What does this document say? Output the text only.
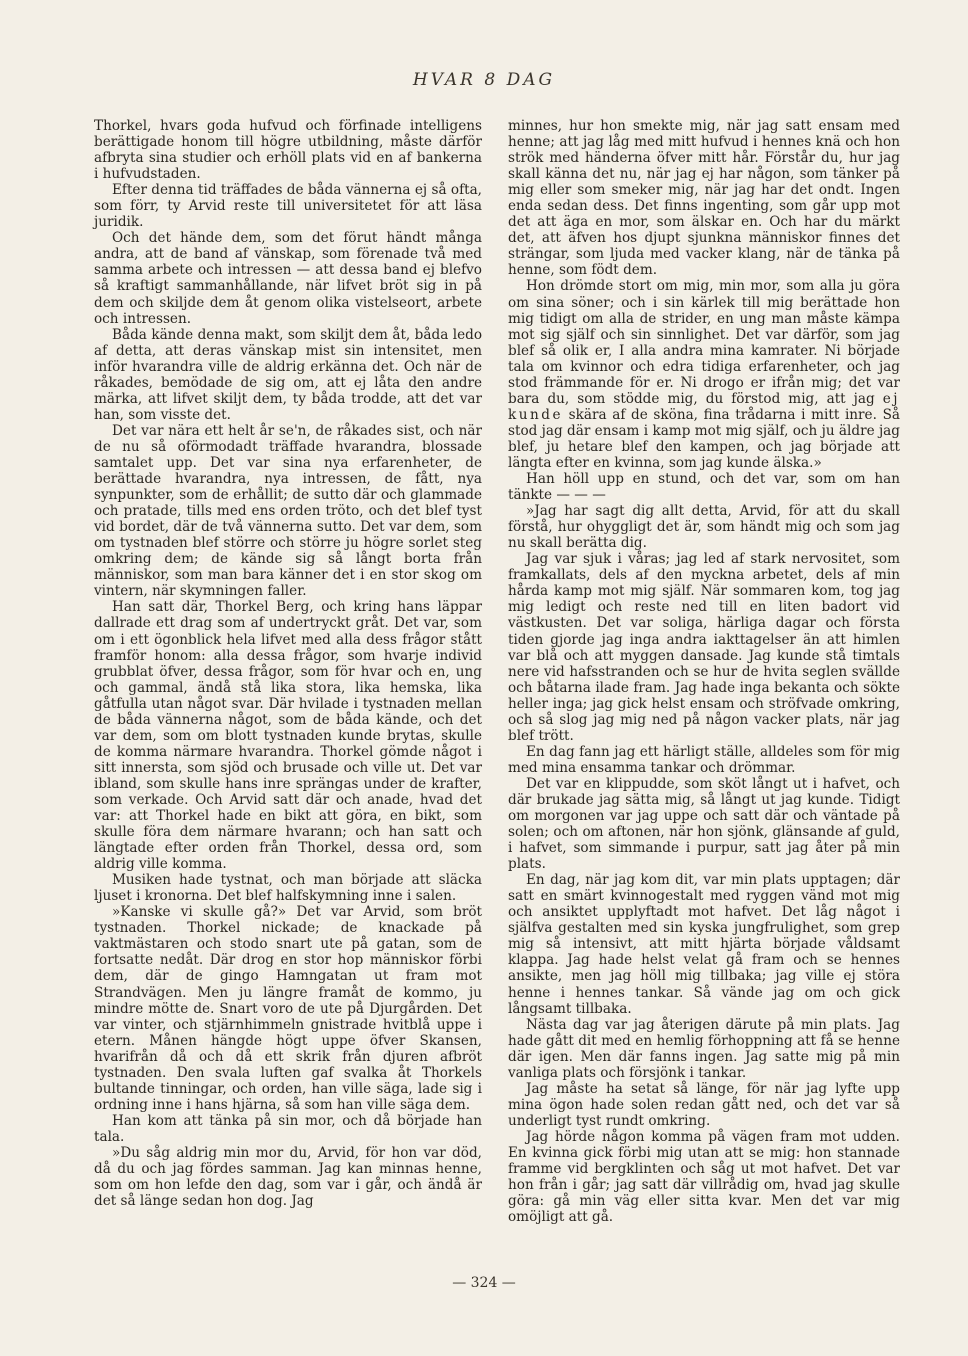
HVAR 8 DAG

Thorkel, hvars goda hufvud och förfinade intelligens berättigade honom till högre utbildning, måste därför afbryta sina studier och erhöll plats vid en af bankerna i hufvudstaden.

Efter denna tid träffades de båda vännerna ej så ofta, som förr, ty Arvid reste till universitetet för att läsa juridik.

Och det hände dem, som det förut händt många andra, att de band af vänskap, som förenade två med samma arbete och intressen — att dessa band ej blefvo så kraftigt sammanhållande, när lifvet bröt sig in på dem och skiljde dem åt genom olika vistelseort, arbete och intressen.

Båda kände denna makt, som skiljt dem åt, båda ledo af detta, att deras vänskap mist sin intensitet, men inför hvarandra ville de aldrig erkänna det. Och när de råkades, bemödade de sig om, att ej låta den andre märka, att lifvet skiljt dem, ty båda trodde, att det var han, som visste det.

Det var nära ett helt år se'n, de råkades sist, och när de nu så oförmodadt träffade hvarandra, blossade samtalet upp. Det var sina nya erfarenheter, de berättade hvarandra, nya intressen, de fått, nya synpunkter, som de erhållit; de sutto där och glammade och pratade, tills med ens orden tröto, och det blef tyst vid bordet, där de två vännerna sutto. Det var dem, som om tystnaden blef större och större ju högre sorlet steg omkring dem; de kände sig så långt borta från människor, som man bara känner det i en stor skog om vintern, när skymningen faller.

Han satt där, Thorkel Berg, och kring hans läppar dallrade ett drag som af undertryckt gråt. Det var, som om i ett ögonblick hela lifvet med alla dess frågor stått framför honom: alla dessa frågor, som hvarje individ grubblat öfver, dessa frågor, som för hvar och en, ung och gammal, ändå stå lika stora, lika hemska, lika gåtfulla utan något svar. Där hvilade i tystnaden mellan de båda vännerna något, som de båda kände, och det var dem, som om blott tystnaden kunde brytas, skulle de komma närmare hvarandra. Thorkel gömde något i sitt innersta, som sjöd och brusade och ville ut. Det var ibland, som skulle hans inre sprängas under de krafter, som verkade. Och Arvid satt där och anade, hvad det var: att Thorkel hade en bikt att göra, en bikt, som skulle föra dem närmare hvarann; och han satt och längtade efter orden från Thorkel, dessa ord, som aldrig ville komma.

Musiken hade tystnat, och man började att släcka ljuset i kronorna. Det blef halfskymning inne i salen.

»Kanske vi skulle gå?» Det var Arvid, som bröt tystnaden. Thorkel nickade; de knackade på vaktmästaren och stodo snart ute på gatan, som de fortsatte nedåt. Där drog en stor hop människor förbi dem, där de gingo Hamngatan ut fram mot Strandvägen. Men ju längre framåt de kommo, ju mindre mötte de. Snart voro de ute på Djurgården. Det var vinter, och stjärnhimmeln gnistrade hvitblå uppe i etern. Månen hängde högt uppe öfver Skansen, hvarifrån då och då ett skrik från djuren afbröt tystnaden. Den svala luften gaf svalka åt Thorkels bultande tinningar, och orden, han ville säga, lade sig i ordning inne i hans hjärna, så som han ville säga dem.

Han kom att tänka på sin mor, och då började han tala.

»Du såg aldrig min mor du, Arvid, för hon var död, då du och jag fördes samman. Jag kan minnas henne, som om hon lefde den dag, som var i går, och ändå är det så länge sedan hon dog. Jag

minnes, hur hon smekte mig, när jag satt ensam med henne; att jag låg med mitt hufvud i hennes knä och hon strök med händerna öfver mitt hår. Förstår du, hur jag skall känna det nu, när jag ej har någon, som tänker på mig eller som smeker mig, när jag har det ondt. Ingen enda sedan dess. Det finns ingenting, som går upp mot det att äga en mor, som älskar en. Och har du märkt det, att äfven hos djupt sjunkna människor finnes det strängar, som ljuda med vacker klang, när de tänka på henne, som födt dem.

Hon drömde stort om mig, min mor, som alla ju göra om sina söner; och i sin kärlek till mig berättade hon mig tidigt om alla de strider, en ung man måste kämpa mot sig själf och sin sinnlighet. Det var därför, som jag blef så olik er, I alla andra mina kamrater. Ni började tala om kvinnor och edra tidiga erfarenheter, och jag stod främmande för er. Ni drogo er ifrån mig; det var bara du, som stödde mig, du förstod mig, att jag ej kunde skära af de sköna, fina trådarna i mitt inre. Så stod jag där ensam i kamp mot mig själf, och ju äldre jag blef, ju hetare blef den kampen, och jag började att längta efter en kvinna, som jag kunde älska.»

Han höll upp en stund, och det var, som om han tänkte — — —

»Jag har sagt dig allt detta, Arvid, för att du skall förstå, hur ohyggligt det är, som händt mig och som jag nu skall berätta dig.

Jag var sjuk i våras; jag led af stark nervositet, som framkallats, dels af den myckna arbetet, dels af min hårda kamp mot mig själf. När sommaren kom, tog jag mig ledigt och reste ned till en liten badort vid västkusten. Det var soliga, härliga dagar och första tiden gjorde jag inga andra iakttagelser än att himlen var blå och att myggen dansade. Jag kunde stå timtals nere vid hafsstranden och se hur de hvita seglen svällde och båtarna ilade fram. Jag hade inga bekanta och sökte heller inga; jag gick helst ensam och ströfvade omkring, och så slog jag mig ned på någon vacker plats, när jag blef trött.

En dag fann jag ett härligt ställe, alldeles som för mig med mina ensamma tankar och drömmar.

Det var en klippudde, som sköt långt ut i hafvet, och där brukade jag sätta mig, så långt ut jag kunde. Tidigt om morgonen var jag uppe och satt där och väntade på solen; och om aftonen, när hon sjönk, glänsande af guld, i hafvet, som simmande i purpur, satt jag åter på min plats.

En dag, när jag kom dit, var min plats upptagen; där satt en smärt kvinnogestalt med ryggen vänd mot mig och ansiktet upplyftadt mot hafvet. Det låg något i själfva gestalten med sin kyska jungfrulighet, som grep mig så intensivt, att mitt hjärta började våldsamt klappa. Jag hade helst velat gå fram och se hennes ansikte, men jag höll mig tillbaka; jag ville ej störa henne i hennes tankar. Så vände jag om och gick långsamt tillbaka.

Nästa dag var jag återigen därute på min plats. Jag hade gått dit med en hemlig förhoppning att få se henne där igen. Men där fanns ingen. Jag satte mig på min vanliga plats och försjönk i tankar.

Jag måste ha setat så länge, för när jag lyfte upp mina ögon hade solen redan gått ned, och det var så underligt tyst rundt omkring.

Jag hörde någon komma på vägen fram mot udden. En kvinna gick förbi mig utan att se mig: hon stannade framme vid bergklinten och såg ut mot hafvet. Det var hon från i går; jag satt där villrådig om, hvad jag skulle göra: gå min väg eller sitta kvar. Men det var mig omöjligt att gå.

— 324 —
